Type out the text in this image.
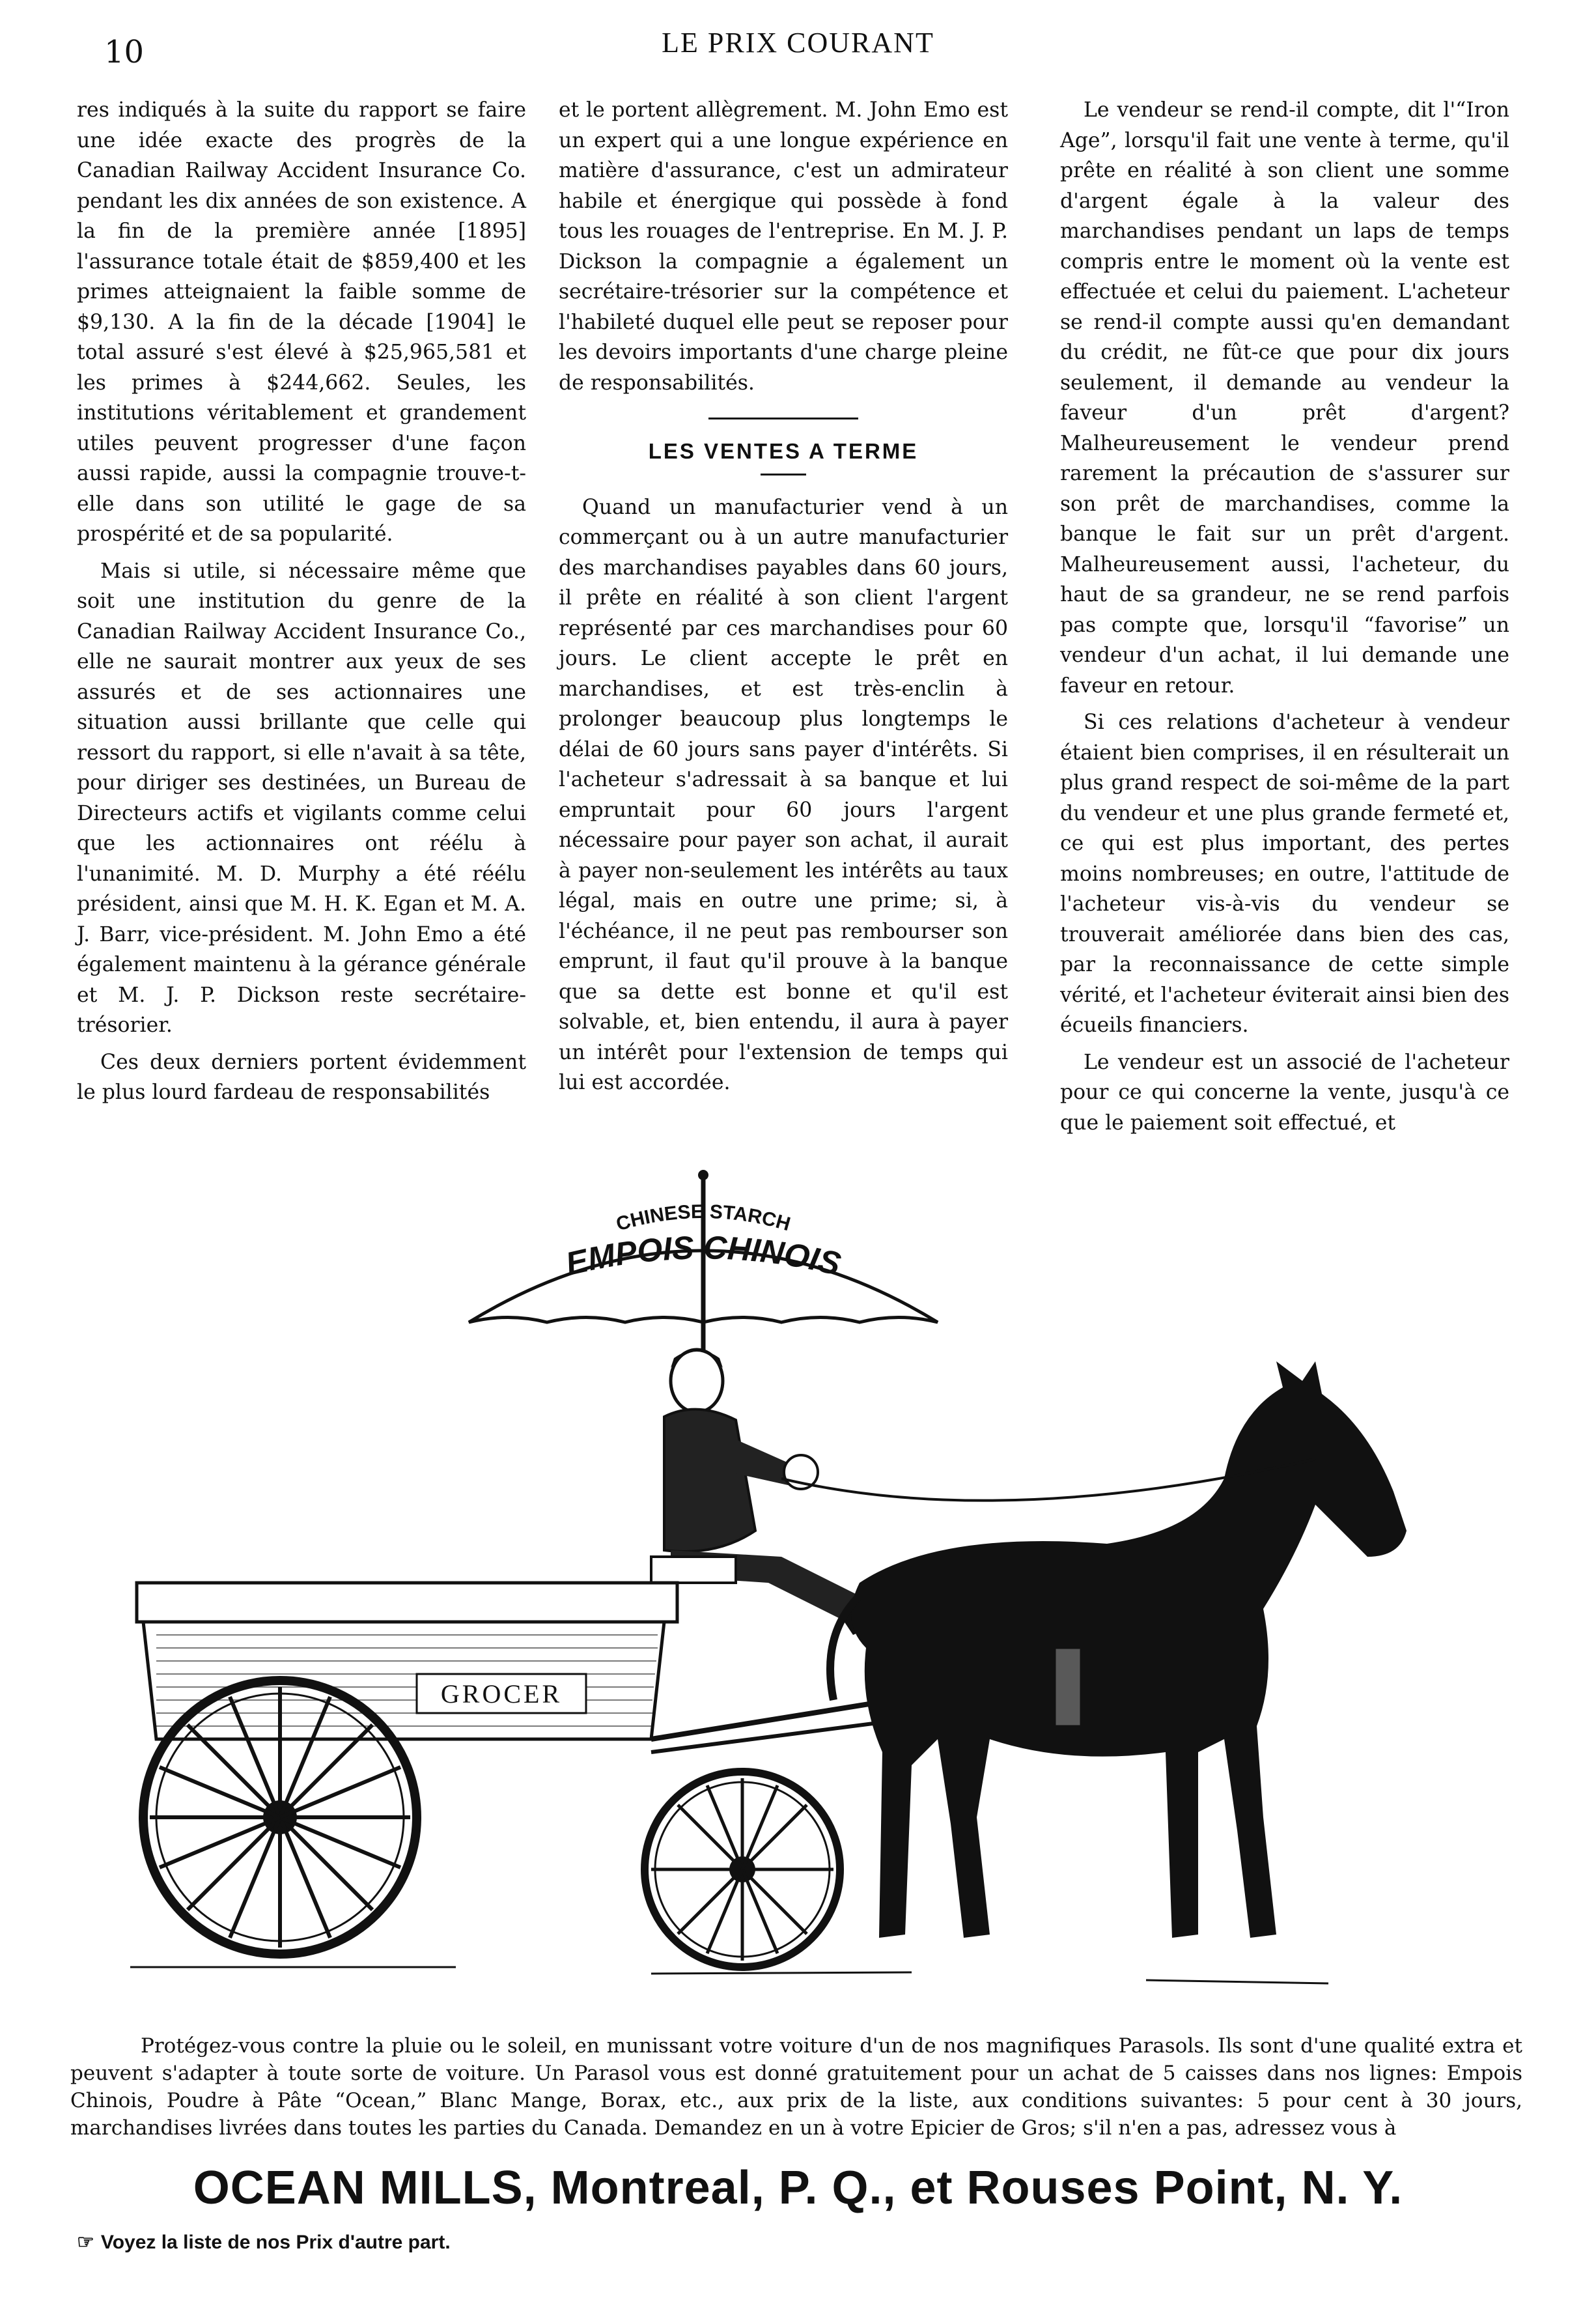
10	LE PRIX COURANT

res indiqués à la suite du rapport se faire une idée exacte des progrès de la Canadian Railway Accident Insurance Co. pendant les dix années de son existence. A la fin de la première année [1895] l'assurance totale était de $859,400 et les primes atteignaient la faible somme de $9,130. A la fin de la décade [1904] le total assuré s'est élevé à $25,965,581 et les primes à $244,662. Seules, les institutions véritablement et grandement utiles peuvent progresser d'une façon aussi rapide, aussi la compagnie trouve-t-elle dans son utilité le gage de sa prospérité et de sa popularité.

Mais si utile, si nécessaire même que soit une institution du genre de la Canadian Railway Accident Insurance Co., elle ne saurait montrer aux yeux de ses assurés et de ses actionnaires une situation aussi brillante que celle qui ressort du rapport, si elle n'avait à sa tête, pour diriger ses destinées, un Bureau de Directeurs actifs et vigilants comme celui que les actionnaires ont réélu à l'unanimité. M. D. Murphy a été réélu président, ainsi que M. H. K. Egan et M. A. J. Barr, vice-président. M. John Emo a été également maintenu à la gérance générale et M. J. P. Dickson reste secrétaire-trésorier.

Ces deux derniers portent évidemment le plus lourd fardeau de responsabilités

et le portent allègrement. M. John Emo est un expert qui a une longue expérience en matière d'assurance, c'est un admirateur habile et énergique qui possède à fond tous les rouages de l'entreprise. En M. J. P. Dickson la compagnie a également un secrétaire-trésorier sur la compétence et l'habileté duquel elle peut se reposer pour les devoirs importants d'une charge pleine de responsabilités.

LES VENTES A TERME

Quand un manufacturier vend à un commerçant ou à un autre manufacturier des marchandises payables dans 60 jours, il prête en réalité à son client l'argent représenté par ces marchandises pour 60 jours. Le client accepte le prêt en marchandises, et est très-enclin à prolonger beaucoup plus longtemps le délai de 60 jours sans payer d'intérêts. Si l'acheteur s'adressait à sa banque et lui empruntait pour 60 jours l'argent nécessaire pour payer son achat, il aurait à payer non-seulement les intérêts au taux légal, mais en outre une prime; si, à l'échéance, il ne peut pas rembourser son emprunt, il faut qu'il prouve à la banque que sa dette est bonne et qu'il est solvable, et, bien entendu, il aura à payer un intérêt pour l'extension de temps qui lui est accordée.

Le vendeur se rend-il compte, dit l'“Iron Age”, lorsqu'il fait une vente à terme, qu'il prête en réalité à son client une somme d'argent égale à la valeur des marchandises pendant un laps de temps compris entre le moment où la vente est effectuée et celui du paiement. L'acheteur se rend-il compte aussi qu'en demandant du crédit, ne fût-ce que pour dix jours seulement, il demande au vendeur la faveur d'un prêt d'argent? Malheureusement le vendeur prend rarement la précaution de s'assurer sur son prêt de marchandises, comme la banque le fait sur un prêt d'argent. Malheureusement aussi, l'acheteur, du haut de sa grandeur, ne se rend parfois pas compte que, lorsqu'il “favorise” un vendeur d'un achat, il lui demande une faveur en retour.

Si ces relations d'acheteur à vendeur étaient bien comprises, il en résulterait un plus grand respect de soi-même de la part du vendeur et une plus grande fermeté et, ce qui est plus important, des pertes moins nombreuses; en outre, l'attitude de l'acheteur vis-à-vis du vendeur se trouverait améliorée dans bien des cas, par la reconnaissance de cette simple vérité, et l'acheteur éviterait ainsi bien des écueils financiers.

Le vendeur est un associé de l'acheteur pour ce qui concerne la vente, jusqu'à ce que le paiement soit effectué, et

CHINESE STARCH
EMPOIS CHINOIS
GROCER

Protégez-vous contre la pluie ou le soleil, en munissant votre voiture d'un de nos magnifiques Parasols. Ils sont d'une qualité extra et peuvent s'adapter à toute sorte de voiture. Un Parasol vous est donné gratuitement pour un achat de 5 caisses dans nos lignes: Empois Chinois, Poudre à Pâte “Ocean,” Blanc Mange, Borax, etc., aux prix de la liste, aux conditions suivantes: 5 pour cent à 30 jours, marchandises livrées dans toutes les parties du Canada. Demandez en un à votre Epicier de Gros; s'il n'en a pas, adressez vous à

OCEAN MILLS, Montreal, P. Q., et Rouses Point, N. Y.
☞ Voyez la liste de nos Prix d'autre part.
